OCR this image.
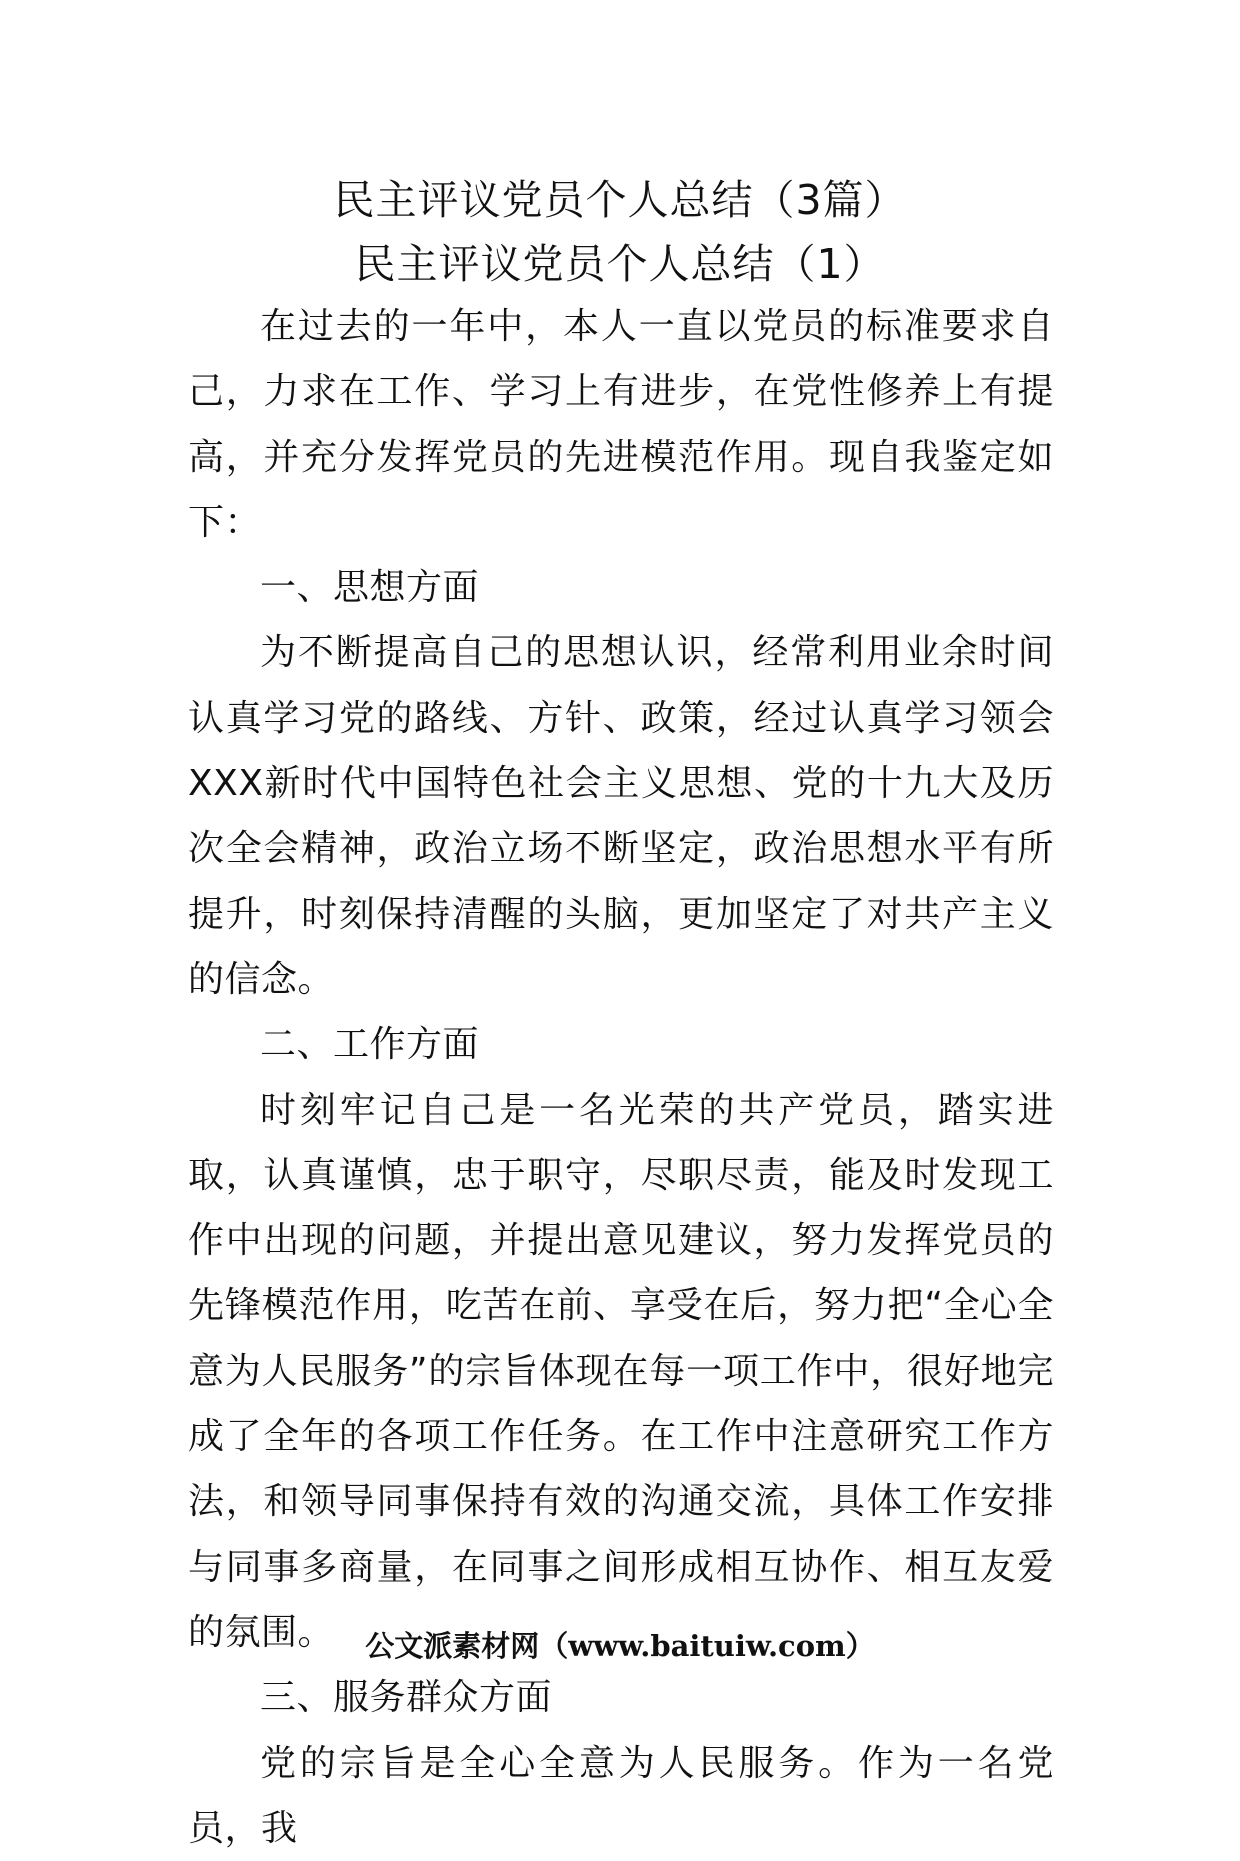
民主评议党员个人总结（3篇）
民主评议党员个人总结（1）

在过去的一年中，本人一直以党员的标准要求自己，力求在工作、学习上有进步，在党性修养上有提高，并充分发挥党员的先进模范作用。现自我鉴定如下：

一、思想方面

为不断提高自己的思想认识，经常利用业余时间认真学习党的路线、方针、政策，经过认真学习领会XXX新时代中国特色社会主义思想、党的十九大及历次全会精神，政治立场不断坚定，政治思想水平有所提升，时刻保持清醒的头脑，更加坚定了对共产主义的信念。

二、工作方面

时刻牢记自己是一名光荣的共产党员，踏实进取，认真谨慎，忠于职守，尽职尽责，能及时发现工作中出现的问题，并提出意见建议，努力发挥党员的先锋模范作用，吃苦在前、享受在后，努力把“全心全意为人民服务”的宗旨体现在每一项工作中，很好地完成了全年的各项工作任务。在工作中注意研究工作方法，和领导同事保持有效的沟通交流，具体工作安排与同事多商量，在同事之间形成相互协作、相互友爱的氛围。

三、服务群众方面

党的宗旨是全心全意为人民服务。作为一名党员，我

公文派素材网（www.baituiw.com）
